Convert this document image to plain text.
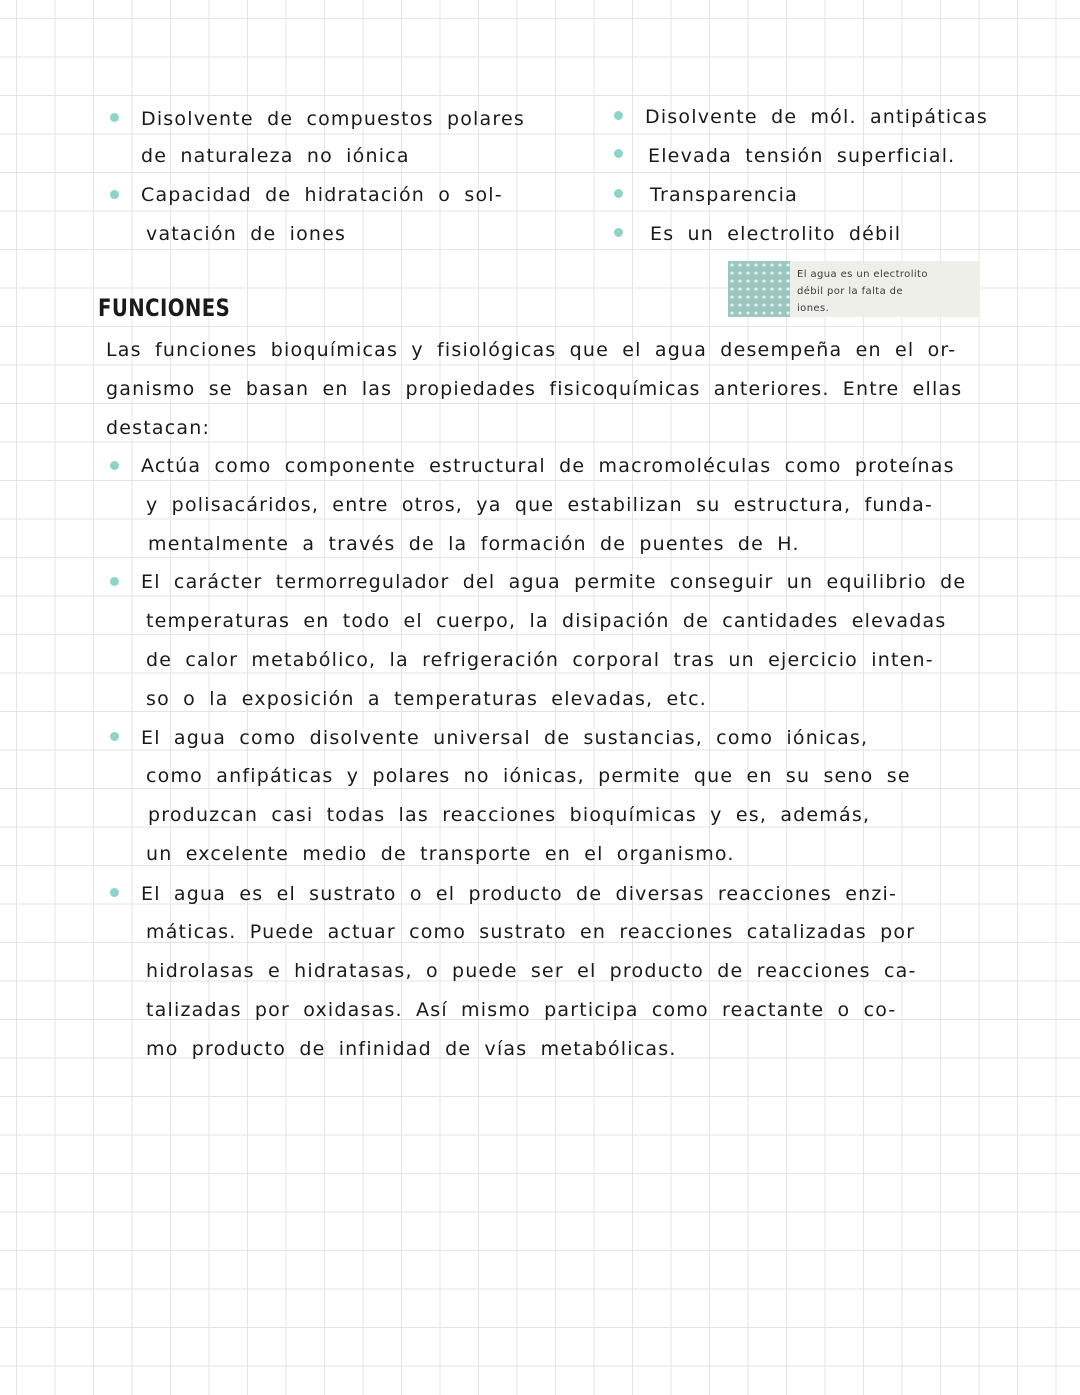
Disolvente de compuestos polares
de naturaleza no iónica
Capacidad de hidratación o sol-
vatación de iones
Disolvente de mól. antipáticas
Elevada tensión superficial.
Transparencia
Es un electrolito débil
El agua es un electrolito
débil por la falta de
iones.
FUNCIONES
Las funciones bioquímicas y fisiológicas que el agua desempeña en el or-
ganismo se basan en las propiedades fisicoquímicas anteriores. Entre ellas
destacan:
Actúa como componente estructural de macromoléculas como proteínas
y polisacáridos, entre otros, ya que estabilizan su estructura, funda-
mentalmente a través de la formación de puentes de H.
El carácter termorregulador del agua permite conseguir un equilibrio de
temperaturas en todo el cuerpo, la disipación de cantidades elevadas
de calor metabólico, la refrigeración corporal tras un ejercicio inten-
so o la exposición a temperaturas elevadas, etc.
El agua como disolvente universal de sustancias, como iónicas,
como anfipáticas y polares no iónicas, permite que en su seno se
produzcan casi todas las reacciones bioquímicas y es, además,
un excelente medio de transporte en el organismo.
El agua es el sustrato o el producto de diversas reacciones enzi-
máticas. Puede actuar como sustrato en reacciones catalizadas por
hidrolasas e hidratasas, o puede ser el producto de reacciones ca-
talizadas por oxidasas. Así mismo participa como reactante o co-
mo producto de infinidad de vías metabólicas.
